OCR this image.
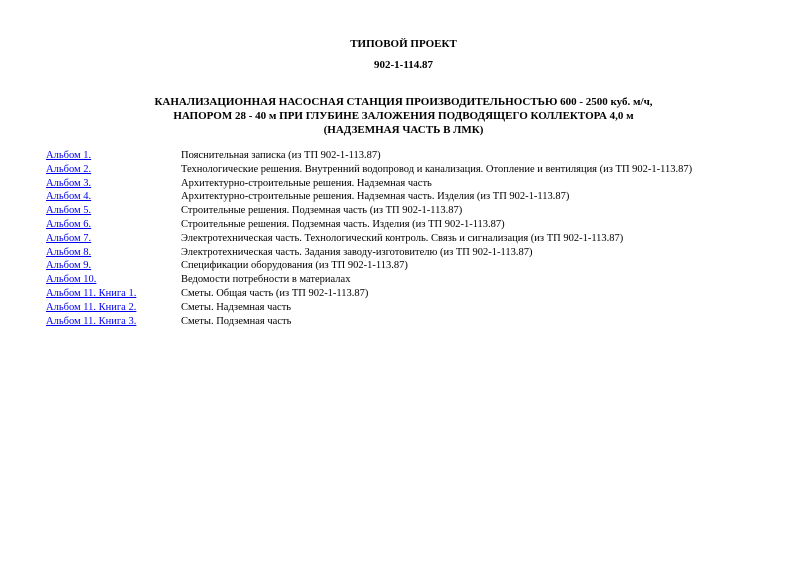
ТИПОВОЙ ПРОЕКТ
902-1-114.87
КАНАЛИЗАЦИОННАЯ НАСОСНАЯ СТАНЦИЯ ПРОИЗВОДИТЕЛЬНОСТЬЮ 600 - 2500 куб. м/ч,
НАПОРОМ 28 - 40 м ПРИ ГЛУБИНЕ ЗАЛОЖЕНИЯ ПОДВОДЯЩЕГО КОЛЛЕКТОРА 4,0 м
(НАДЗЕМНАЯ ЧАСТЬ В ЛМК)
Альбом 1.	Пояснительная записка (из ТП 902-1-113.87)
Альбом 2.	Технологические решения. Внутренний водопровод и канализация. Отопление и вентиляция (из ТП 902-1-113.87)
Альбом 3.	Архитектурно-строительные решения. Надземная часть
Альбом 4.	Архитектурно-строительные решения. Надземная часть. Изделия (из ТП 902-1-113.87)
Альбом 5.	Строительные решения. Подземная часть (из ТП 902-1-113.87)
Альбом 6.	Строительные решения. Подземная часть. Изделия (из ТП 902-1-113.87)
Альбом 7.	Электротехническая часть. Технологический контроль. Связь и сигнализация (из ТП 902-1-113.87)
Альбом 8.	Электротехническая часть. Задания заводу-изготовителю (из ТП 902-1-113.87)
Альбом 9.	Спецификации оборудования (из ТП 902-1-113.87)
Альбом 10.	Ведомости потребности в материалах
Альбом 11. Книга 1.	Сметы. Общая часть (из ТП 902-1-113.87)
Альбом 11. Книга 2.	Сметы. Надземная часть
Альбом 11. Книга 3.	Сметы. Подземная часть
